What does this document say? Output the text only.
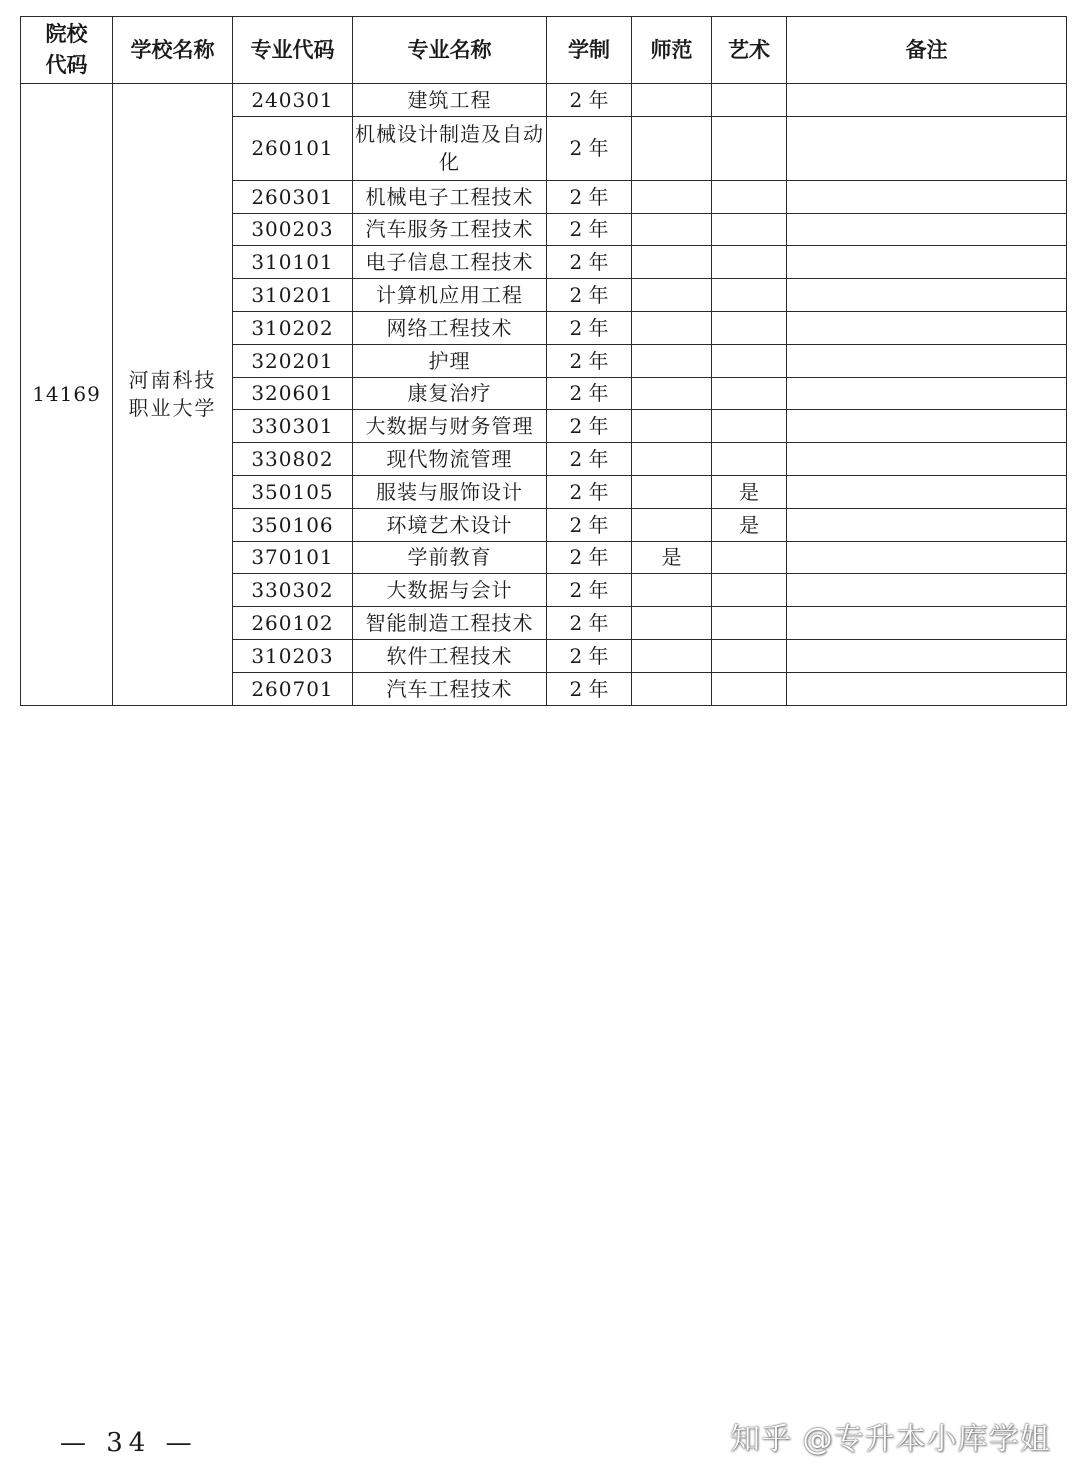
院校代码	学校名称	专业代码	专业名称	学制	师范	艺术	备注
14169	河南科技职业大学	240301	建筑工程	2 年			
		260101	机械设计制造及自动化	2 年			
		260301	机械电子工程技术	2 年			
		300203	汽车服务工程技术	2 年			
		310101	电子信息工程技术	2 年			
		310201	计算机应用工程	2 年			
		310202	网络工程技术	2 年			
		320201	护理	2 年			
		320601	康复治疗	2 年			
		330301	大数据与财务管理	2 年			
		330802	现代物流管理	2 年			
		350105	服装与服饰设计	2 年		是	
		350106	环境艺术设计	2 年		是	
		370101	学前教育	2 年	是		
		330302	大数据与会计	2 年			
		260102	智能制造工程技术	2 年			
		310203	软件工程技术	2 年			
		260701	汽车工程技术	2 年			
— 34 —	知乎 @专升本小库学姐
